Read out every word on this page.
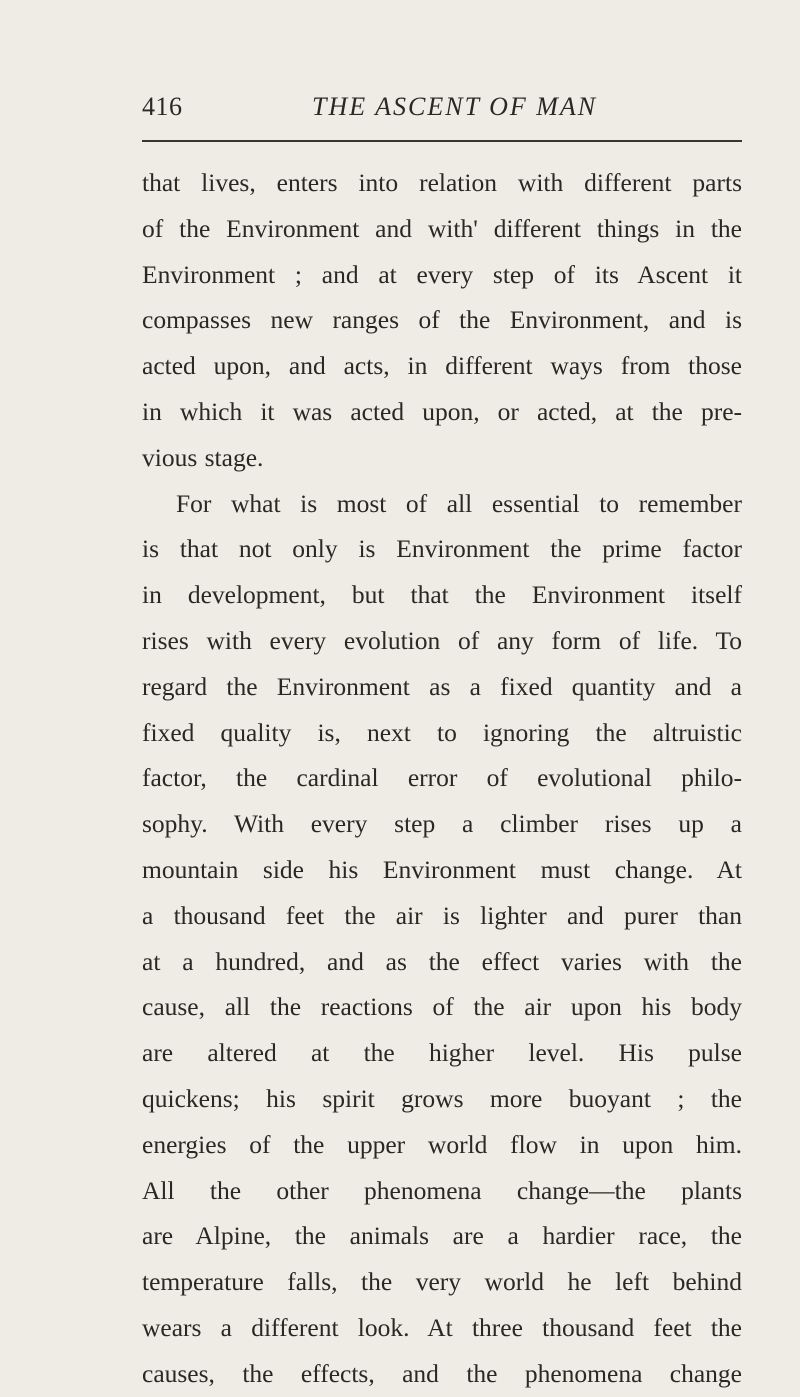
416	THE ASCENT OF MAN
that lives, enters into relation with different parts
of the Environment and with' different things in the
Environment ; and at every step of its Ascent it
compasses new ranges of the Environment, and is
acted upon, and acts, in different ways from those
in which it was acted upon, or acted, at the pre-
vious stage.
For what is most of all essential to remember
is that not only is Environment the prime factor
in development, but that the Environment itself
rises with every evolution of any form of life. To
regard the Environment as a fixed quantity and a
fixed quality is, next to ignoring the altruistic
factor, the cardinal error of evolutional philo-
sophy. With every step a climber rises up a
mountain side his Environment must change. At
a thousand feet the air is lighter and purer than
at a hundred, and as the effect varies with the
cause, all the reactions of the air upon his body
are altered at the higher level. His pulse
quickens; his spirit grows more buoyant ; the
energies of the upper world flow in upon him.
All the other phenomena change—the plants
are Alpine, the animals are a hardier race, the
temperature falls, the very world he left behind
wears a different look. At three thousand feet the
causes, the effects, and the phenomena change
